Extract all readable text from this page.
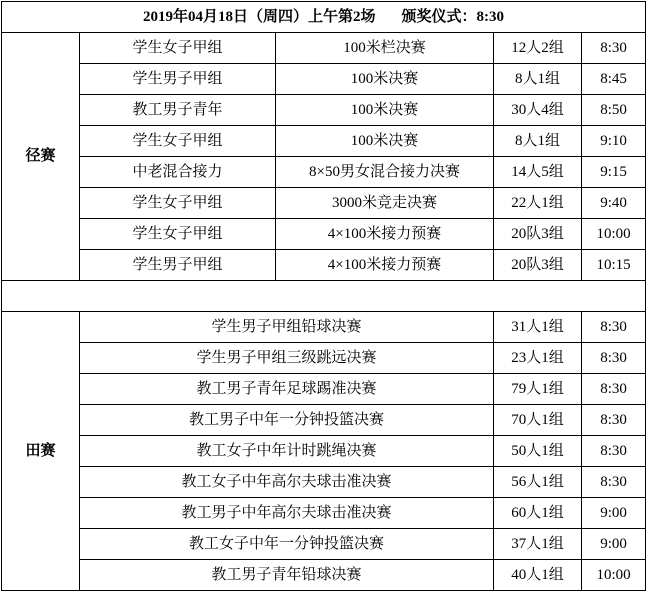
2019年04月18日（周四）上午第2场 颁奖仪式：8:30				

径赛	学生女子甲组	100米栏决赛	12人2组	8:30
	学生男子甲组	100米决赛	8人1组	8:45
	教工男子青年	100米决赛	30人4组	8:50
	学生女子甲组	100米决赛	8人1组	9:10
	中老混合接力	8×50男女混合接力决赛	14人5组	9:15
	学生女子甲组	3000米竞走决赛	22人1组	9:40
	学生女子甲组	4×100米接力预赛	20队3组	10:00
	学生男子甲组	4×100米接力预赛	20队3组	10:15

田赛	学生男子甲组铅球决赛		31人1组	8:30
	学生男子甲组三级跳远决赛		23人1组	8:30
	教工男子青年足球踢准决赛		79人1组	8:30
	教工男子中年一分钟投篮决赛		70人1组	8:30
	教工女子中年计时跳绳决赛		50人1组	8:30
	教工女子中年高尔夫球击准决赛		56人1组	8:30
	教工男子中年高尔夫球击准决赛		60人1组	9:00
	教工女子中年一分钟投篮决赛		37人1组	9:00
	教工男子青年铅球决赛		40人1组	10:00
